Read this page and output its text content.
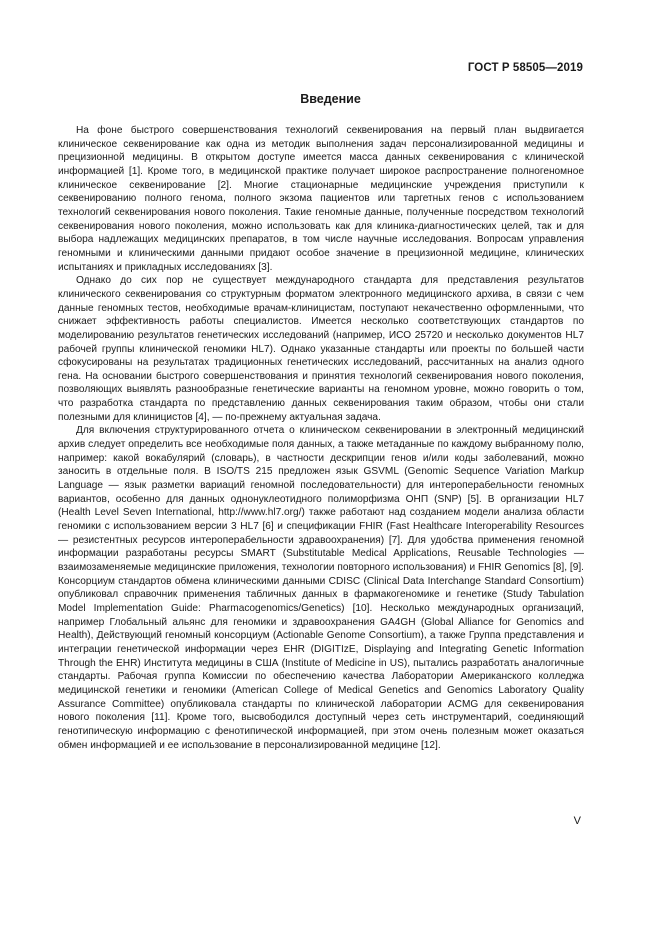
ГОСТ Р 58505—2019
Введение

На фоне быстрого совершенствования технологий секвенирования на первый план выдвигается клиническое секвенирование как одна из методик выполнения задач персонализированной медицины и прецизионной медицины. В открытом доступе имеется масса данных секвенирования с клинической информацией [1]. Кроме того, в медицинской практике получает широкое распространение полногеномное клиническое секвенирование [2]. Многие стационарные медицинские учреждения приступили к секвенированию полного генома, полного экзома пациентов или таргетных генов с использованием технологий секвенирования нового поколения. Такие геномные данные, полученные посредством технологий секвенирования нового поколения, можно использовать как для клиника-диагностических целей, так и для выбора надлежащих медицинских препаратов, в том числе научные исследования. Вопросам управления геномными и клиническими данными придают особое значение в прецизионной медицине, клинических испытаниях и прикладных исследованиях [3].

Однако до сих пор не существует международного стандарта для представления результатов клинического секвенирования со структурным форматом электронного медицинского архива, в связи с чем данные геномных тестов, необходимые врачам-клиницистам, поступают некачественно оформленными, что снижает эффективность работы специалистов. Имеется несколько соответствующих стандартов по моделированию результатов генетических исследований (например, ИСО 25720 и несколько документов HL7 рабочей группы клинической геномики HL7). Однако указанные стандарты или проекты по большей части сфокусированы на результатах традиционных генетических исследований, рассчитанных на анализ одного гена. На основании быстрого совершенствования и принятия технологий секвенирования нового поколения, позволяющих выявлять разнообразные генетические варианты на геномном уровне, можно говорить о том, что разработка стандарта по представлению данных секвенирования таким образом, чтобы они стали полезными для клиницистов [4], — по-прежнему актуальная задача.

Для включения структурированного отчета о клиническом секвенировании в электронный медицинский архив следует определить все необходимые поля данных, а также метаданные по каждому выбранному полю, например: какой вокабулярий (словарь), в частности дескрипции генов и/или коды заболеваний, можно заносить в отдельные поля. В ISO/TS 215 предложен язык GSVML (Genomic Sequence Variation Markup Language — язык разметки вариаций геномной последовательности) для интероперабельности геномных вариантов, особенно для данных однонуклеотидного полиморфизма ОНП (SNP) [5]. В организации HL7 (Health Level Seven International, http://www.hl7.org/) также работают над созданием модели анализа области геномики с использованием версии 3 HL7 [6] и спецификации FHIR (Fast Healthcare Interoperability Resources — резистентных ресурсов интероперабельности здравоохранения) [7]. Для удобства применения геномной информации разработаны ресурсы SMART (Substitutable Medical Applications, Reusable Technologies — взаимозаменяемые медицинские приложения, технологии повторного использования) и FHIR Genomics [8], [9]. Консорциум стандартов обмена клиническими данными CDISC (Clinical Data Interchange Standard Consortium) опубликовал справочник применения табличных данных в фармакогеномике и генетике (Study Tabulation Model Implementation Guide: Pharmacogenomics/Genetics) [10]. Несколько международных организаций, например Глобальный альянс для геномики и здравоохранения GA4GH (Global Alliance for Genomics and Health), Действующий геномный консорциум (Actionable Genome Consortium), а также Группа представления и интеграции генетической информации через EHR (DIGITIzE, Displaying and Integrating Genetic Information Through the EHR) Института медицины в США (Institute of Medicine in US), пытались разработать аналогичные стандарты. Рабочая группа Комиссии по обеспечению качества Лаборатории Американского колледжа медицинской генетики и геномики (American College of Medical Genetics and Genomics Laboratory Quality Assurance Committee) опубликовала стандарты по клинической лаборатории ACMG для секвенирования нового поколения [11]. Кроме того, высвободился доступный через сеть инструментарий, соединяющий генотипическую информацию с фенотипической информацией, при этом очень полезным может оказаться обмен информацией и ее использование в персонализированной медицине [12].

V
